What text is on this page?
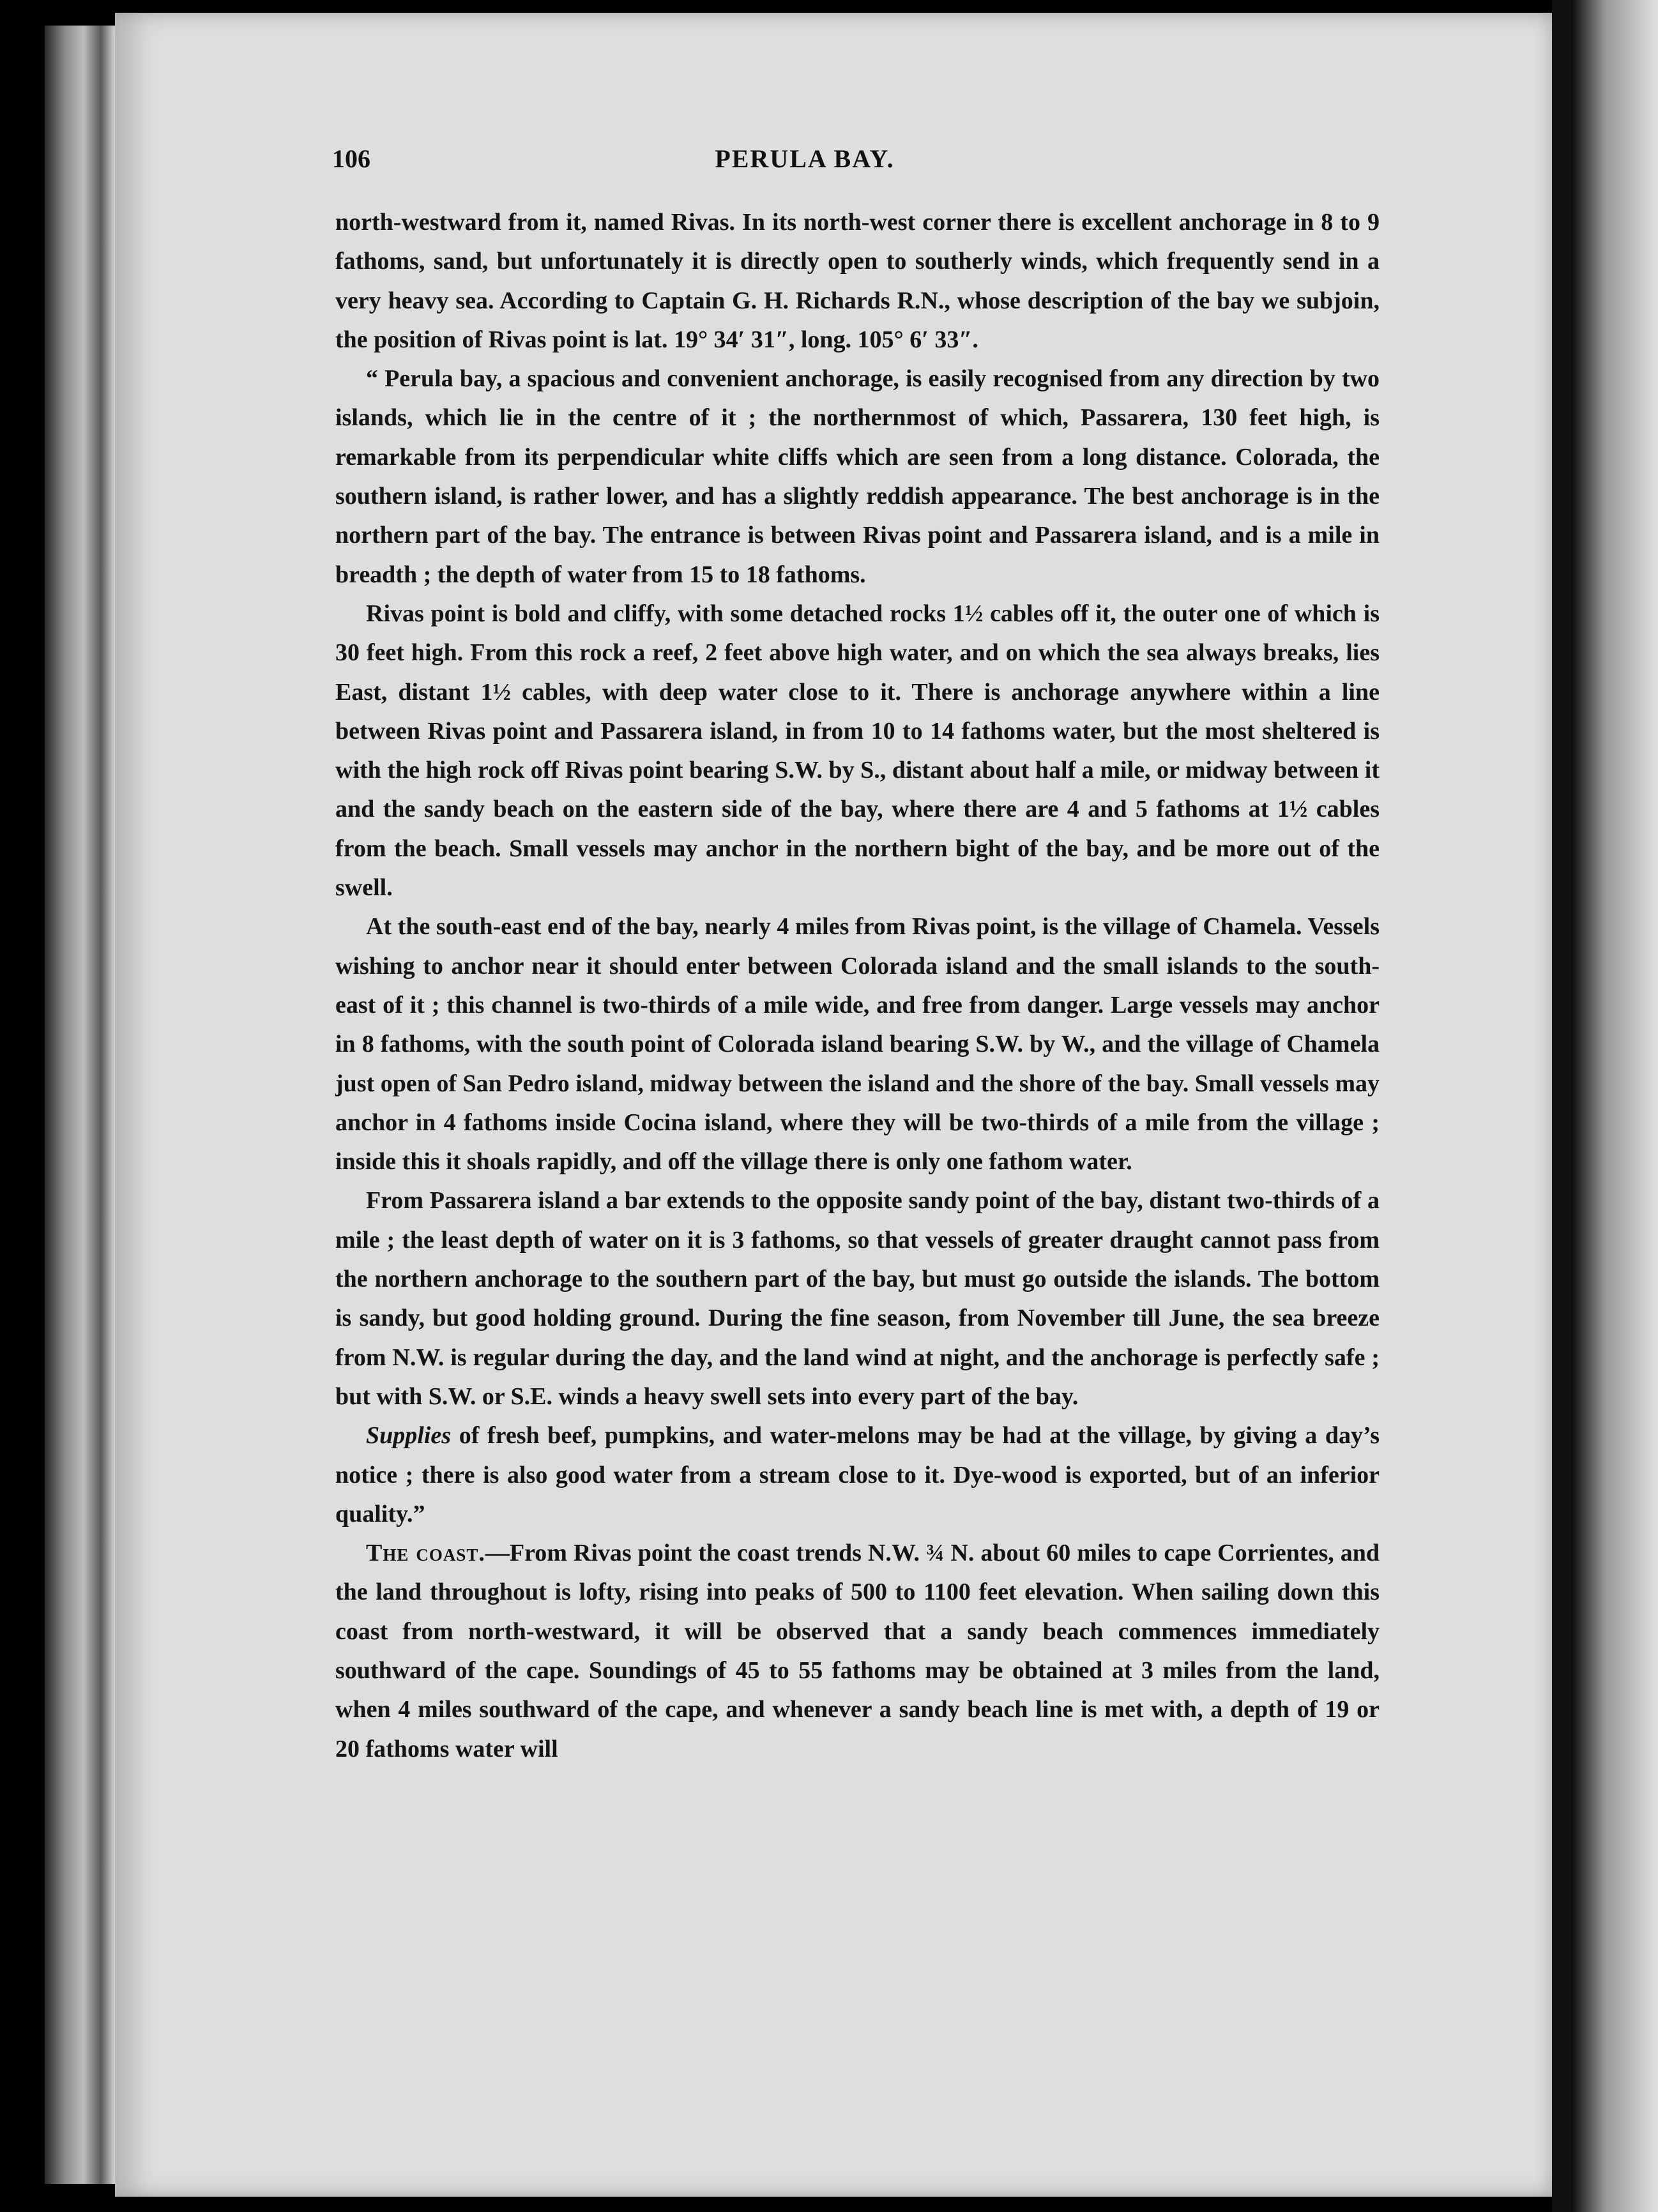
106	PERULA BAY.

north-westward from it, named Rivas. In its north-west corner there is excellent anchorage in 8 to 9 fathoms, sand, but unfortunately it is directly open to southerly winds, which frequently send in a very heavy sea. According to Captain G. H. Richards R.N., whose description of the bay we subjoin, the position of Rivas point is lat. 19° 34′ 31″, long. 105° 6′ 33″.

“ Perula bay, a spacious and convenient anchorage, is easily recognised from any direction by two islands, which lie in the centre of it ; the northernmost of which, Passarera, 130 feet high, is remarkable from its perpendicular white cliffs which are seen from a long distance. Colorada, the southern island, is rather lower, and has a slightly reddish appearance. The best anchorage is in the northern part of the bay. The entrance is between Rivas point and Passarera island, and is a mile in breadth ; the depth of water from 15 to 18 fathoms.

Rivas point is bold and cliffy, with some detached rocks 1½ cables off it, the outer one of which is 30 feet high. From this rock a reef, 2 feet above high water, and on which the sea always breaks, lies East, distant 1½ cables, with deep water close to it. There is anchorage anywhere within a line between Rivas point and Passarera island, in from 10 to 14 fathoms water, but the most sheltered is with the high rock off Rivas point bearing S.W. by S., distant about half a mile, or midway between it and the sandy beach on the eastern side of the bay, where there are 4 and 5 fathoms at 1½ cables from the beach. Small vessels may anchor in the northern bight of the bay, and be more out of the swell.

At the south-east end of the bay, nearly 4 miles from Rivas point, is the village of Chamela. Vessels wishing to anchor near it should enter between Colorada island and the small islands to the south-east of it ; this channel is two-thirds of a mile wide, and free from danger. Large vessels may anchor in 8 fathoms, with the south point of Colorada island bearing S.W. by W., and the village of Chamela just open of San Pedro island, midway between the island and the shore of the bay. Small vessels may anchor in 4 fathoms inside Cocina island, where they will be two-thirds of a mile from the village ; inside this it shoals rapidly, and off the village there is only one fathom water.

From Passarera island a bar extends to the opposite sandy point of the bay, distant two-thirds of a mile ; the least depth of water on it is 3 fathoms, so that vessels of greater draught cannot pass from the northern anchorage to the southern part of the bay, but must go outside the islands. The bottom is sandy, but good holding ground. During the fine season, from November till June, the sea breeze from N.W. is regular during the day, and the land wind at night, and the anchorage is perfectly safe ; but with S.W. or S.E. winds a heavy swell sets into every part of the bay.

Supplies of fresh beef, pumpkins, and water-melons may be had at the village, by giving a day’s notice ; there is also good water from a stream close to it. Dye-wood is exported, but of an inferior quality.”

The coast.—From Rivas point the coast trends N.W. ¾ N. about 60 miles to cape Corrientes, and the land throughout is lofty, rising into peaks of 500 to 1100 feet elevation. When sailing down this coast from north-westward, it will be observed that a sandy beach commences immediately southward of the cape. Soundings of 45 to 55 fathoms may be obtained at 3 miles from the land, when 4 miles southward of the cape, and whenever a sandy beach line is met with, a depth of 19 or 20 fathoms water will
